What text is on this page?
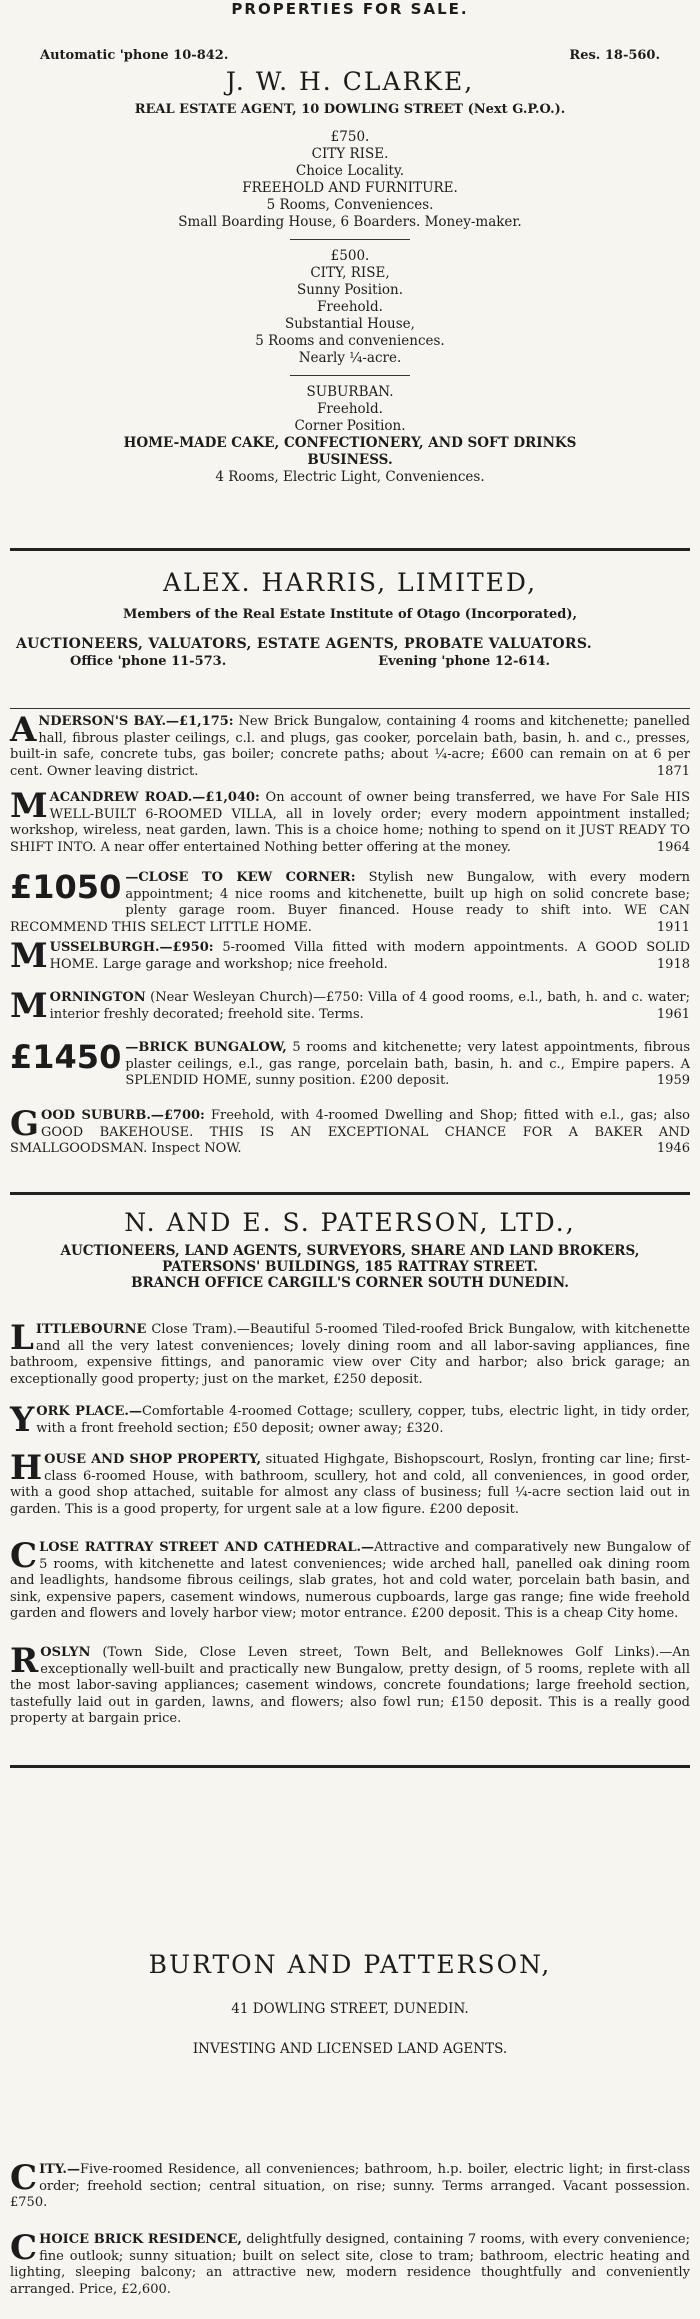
PROPERTIES FOR SALE.
Automatic 'phone 10-842.	Res. 18-560.
J. W. H. CLARKE,
REAL ESTATE AGENT, 10 DOWLING STREET (Next G.P.O.).
£750.
CITY RISE.
Choice Locality.
FREEHOLD AND FURNITURE.
5 Rooms, Conveniences.
Small Boarding House, 6 Boarders. Money-maker.
£500.
CITY, RISE,
Sunny Position.
Freehold.
Substantial House,
5 Rooms and conveniences.
Nearly ¼-acre.
SUBURBAN.
Freehold.
Corner Position.
HOME-MADE CAKE, CONFECTIONERY, AND SOFT DRINKS
BUSINESS.
4 Rooms, Electric Light, Conveniences.
ALEX. HARRIS, LIMITED,
Members of the Real Estate Institute of Otago (Incorporated),
AUCTIONEERS, VALUATORS, ESTATE AGENTS, PROBATE VALUATORS.
Office 'phone 11-573.	Evening 'phone 12-614.
ANDERSON'S BAY.—£1,175: New Brick Bungalow, containing 4 rooms and kitchenette; panelled hall, fibrous plaster ceilings, c.l. and plugs, gas cooker, porcelain bath, basin, h. and c., presses, built-in safe, concrete tubs, gas boiler; concrete paths; about ¼-acre; £600 can remain on at 6 per cent. Owner leaving district.	1871
MACANDREW ROAD.—£1,040: On account of owner being transferred, we have For Sale HIS WELL-BUILT 6-ROOMED VILLA, all in lovely order; every modern appointment installed; workshop, wireless, neat garden, lawn. This is a choice home; nothing to spend on it JUST READY TO SHIFT INTO. A near offer entertained Nothing better offering at the money.	1964
£1050 —CLOSE TO KEW CORNER: Stylish new Bungalow, with every modern appointment; 4 nice rooms and kitchenette, built up high on solid concrete base; plenty garage room. Buyer financed. House ready to shift into. WE CAN RECOMMEND THIS SELECT LITTLE HOME.	1911
MUSSELBURGH.—£950: 5-roomed Villa fitted with modern appointments. A GOOD SOLID HOME. Large garage and workshop; nice freehold.	1918
MORNINGTON (Near Wesleyan Church)—£750: Villa of 4 good rooms, e.l., bath, h. and c. water; interior freshly decorated; freehold site. Terms.	1961
£1450 —BRICK BUNGALOW, 5 rooms and kitchenette; very latest appointments, fibrous plaster ceilings, e.l., gas range, porcelain bath, basin, h. and c., Empire papers. A SPLENDID HOME, sunny position. £200 deposit.	1959
GOOD SUBURB.—£700: Freehold, with 4-roomed Dwelling and Shop; fitted with e.l., gas; also GOOD BAKEHOUSE. THIS IS AN EXCEPTIONAL CHANCE FOR A BAKER AND SMALLGOODSMAN. Inspect NOW.	1946
N. AND E. S. PATERSON, LTD.,
AUCTIONEERS, LAND AGENTS, SURVEYORS, SHARE AND LAND BROKERS,
PATERSONS' BUILDINGS, 185 RATTRAY STREET.
BRANCH OFFICE CARGILL'S CORNER SOUTH DUNEDIN.
LITTLEBOURNE Close Tram).—Beautiful 5-roomed Tiled-roofed Brick Bungalow, with kitchenette and all the very latest conveniences; lovely dining room and all labor-saving appliances, fine bathroom, expensive fittings, and panoramic view over City and harbor; also brick garage; an exceptionally good property; just on the market, £250 deposit.
YORK PLACE.—Comfortable 4-roomed Cottage; scullery, copper, tubs, electric light, in tidy order, with a front freehold section; £50 deposit; owner away; £320.
HOUSE AND SHOP PROPERTY, situated Highgate, Bishopscourt, Roslyn, fronting car line; first-class 6-roomed House, with bathroom, scullery, hot and cold, all conveniences, in good order, with a good shop attached, suitable for almost any class of business; full ¼-acre section laid out in garden. This is a good property, for urgent sale at a low figure. £200 deposit.
CLOSE RATTRAY STREET AND CATHEDRAL.—Attractive and comparatively new Bungalow of 5 rooms, with kitchenette and latest conveniences; wide arched hall, panelled oak dining room and leadlights, handsome fibrous ceilings, slab grates, hot and cold water, porcelain bath basin, and sink, expensive papers, casement windows, numerous cupboards, large gas range; fine wide freehold garden and flowers and lovely harbor view; motor entrance. £200 deposit. This is a cheap City home.
ROSLYN (Town Side, Close Leven street, Town Belt, and Belleknowes Golf Links).—An exceptionally well-built and practically new Bungalow, pretty design, of 5 rooms, replete with all the most labor-saving appliances; casement windows, concrete foundations; large freehold section, tastefully laid out in garden, lawns, and flowers; also fowl run; £150 deposit. This is a really good property at bargain price.
BURTON AND PATTERSON,
41 DOWLING STREET, DUNEDIN.
INVESTING AND LICENSED LAND AGENTS.
CITY.—Five-roomed Residence, all conveniences; bathroom, h.p. boiler, electric light; in first-class order; freehold section; central situation, on rise; sunny. Terms arranged. Vacant possession. £750.
CHOICE BRICK RESIDENCE, delightfully designed, containing 7 rooms, with every convenience; fine outlook; sunny situation; built on select site, close to tram; bathroom, electric heating and lighting, sleeping balcony; an attractive new, modern residence thoughtfully and conveniently arranged. Price, £2,600.
